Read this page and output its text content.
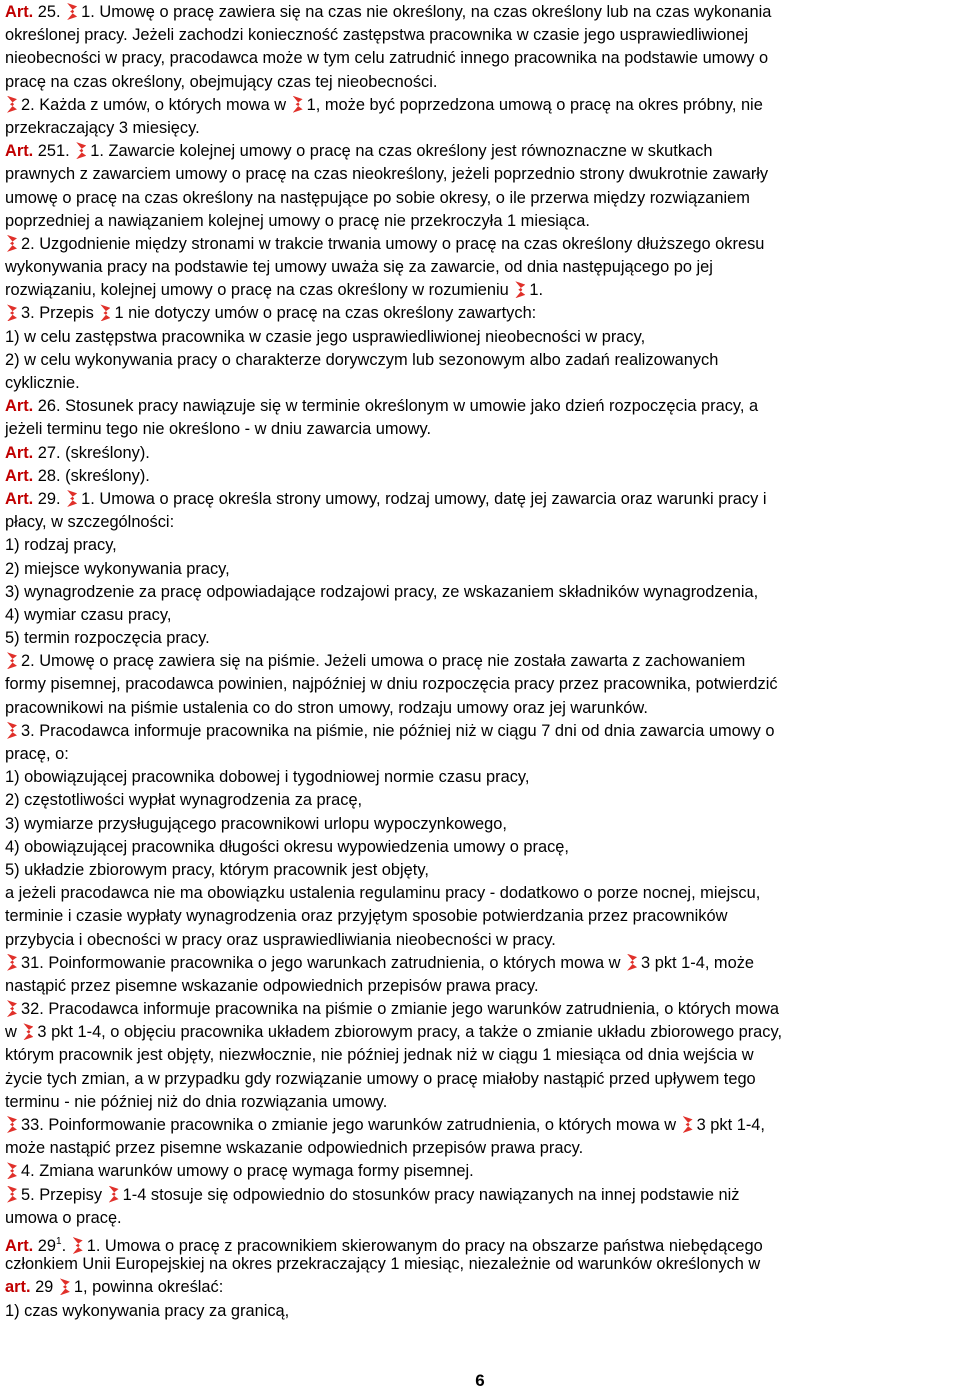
Art. 25. 1. Umowę o pracę zawiera się na czas nie określony, na czas określony lub na czas wykonania
określonej pracy. Jeżeli zachodzi konieczność zastępstwa pracownika w czasie jego usprawiedliwionej
nieobecności w pracy, pracodawca może w tym celu zatrudnić innego pracownika na podstawie umowy o
pracę na czas określony, obejmujący czas tej nieobecności.
2. Każda z umów, o których mowa w 1, może być poprzedzona umową o pracę na okres próbny, nie
przekraczający 3 miesięcy.
Art. 251. 1. Zawarcie kolejnej umowy o pracę na czas określony jest równoznaczne w skutkach
prawnych z zawarciem umowy o pracę na czas nieokreślony, jeżeli poprzednio strony dwukrotnie zawarły
umowę o pracę na czas określony na następujące po sobie okresy, o ile przerwa między rozwiązaniem
poprzedniej a nawiązaniem kolejnej umowy o pracę nie przekroczyła 1 miesiąca.
2. Uzgodnienie między stronami w trakcie trwania umowy o pracę na czas określony dłuższego okresu
wykonywania pracy na podstawie tej umowy uważa się za zawarcie, od dnia następującego po jej
rozwiązaniu, kolejnej umowy o pracę na czas określony w rozumieniu 1.
3. Przepis 1 nie dotyczy umów o pracę na czas określony zawartych:
1) w celu zastępstwa pracownika w czasie jego usprawiedliwionej nieobecności w pracy,
2) w celu wykonywania pracy o charakterze dorywczym lub sezonowym albo zadań realizowanych
cyklicznie.
Art. 26. Stosunek pracy nawiązuje się w terminie określonym w umowie jako dzień rozpoczęcia pracy, a
jeżeli terminu tego nie określono - w dniu zawarcia umowy.
Art. 27. (skreślony).
Art. 28. (skreślony).
Art. 29. 1. Umowa o pracę określa strony umowy, rodzaj umowy, datę jej zawarcia oraz warunki pracy i
płacy, w szczególności:
1) rodzaj pracy,
2) miejsce wykonywania pracy,
3) wynagrodzenie za pracę odpowiadające rodzajowi pracy, ze wskazaniem składników wynagrodzenia,
4) wymiar czasu pracy,
5) termin rozpoczęcia pracy.
2. Umowę o pracę zawiera się na piśmie. Jeżeli umowa o pracę nie została zawarta z zachowaniem
formy pisemnej, pracodawca powinien, najpóźniej w dniu rozpoczęcia pracy przez pracownika, potwierdzić
pracownikowi na piśmie ustalenia co do stron umowy, rodzaju umowy oraz jej warunków.
3. Pracodawca informuje pracownika na piśmie, nie później niż w ciągu 7 dni od dnia zawarcia umowy o
pracę, o:
1) obowiązującej pracownika dobowej i tygodniowej normie czasu pracy,
2) częstotliwości wypłat wynagrodzenia za pracę,
3) wymiarze przysługującego pracownikowi urlopu wypoczynkowego,
4) obowiązującej pracownika długości okresu wypowiedzenia umowy o pracę,
5) układzie zbiorowym pracy, którym pracownik jest objęty,
a jeżeli pracodawca nie ma obowiązku ustalenia regulaminu pracy - dodatkowo o porze nocnej, miejscu,
terminie i czasie wypłaty wynagrodzenia oraz przyjętym sposobie potwierdzania przez pracowników
przybycia i obecności w pracy oraz usprawiedliwiania nieobecności w pracy.
31. Poinformowanie pracownika o jego warunkach zatrudnienia, o których mowa w 3 pkt 1-4, może
nastąpić przez pisemne wskazanie odpowiednich przepisów prawa pracy.
32. Pracodawca informuje pracownika na piśmie o zmianie jego warunków zatrudnienia, o których mowa
w 3 pkt 1-4, o objęciu pracownika układem zbiorowym pracy, a także o zmianie układu zbiorowego pracy,
którym pracownik jest objęty, niezwłocznie, nie później jednak niż w ciągu 1 miesiąca od dnia wejścia w
życie tych zmian, a w przypadku gdy rozwiązanie umowy o pracę miałoby nastąpić przed upływem tego
terminu - nie później niż do dnia rozwiązania umowy.
33. Poinformowanie pracownika o zmianie jego warunków zatrudnienia, o których mowa w 3 pkt 1-4,
może nastąpić przez pisemne wskazanie odpowiednich przepisów prawa pracy.
4. Zmiana warunków umowy o pracę wymaga formy pisemnej.
5. Przepisy 1-4 stosuje się odpowiednio do stosunków pracy nawiązanych na innej podstawie niż
umowa o pracę.
Art. $29^1$. 1. Umowa o pracę z pracownikiem skierowanym do pracy na obszarze państwa niebędącego
członkiem Unii Europejskiej na okres przekraczający 1 miesiąc, niezależnie od warunków określonych w
art. 29 1, powinna określać:
1) czas wykonywania pracy za granicą,
6
